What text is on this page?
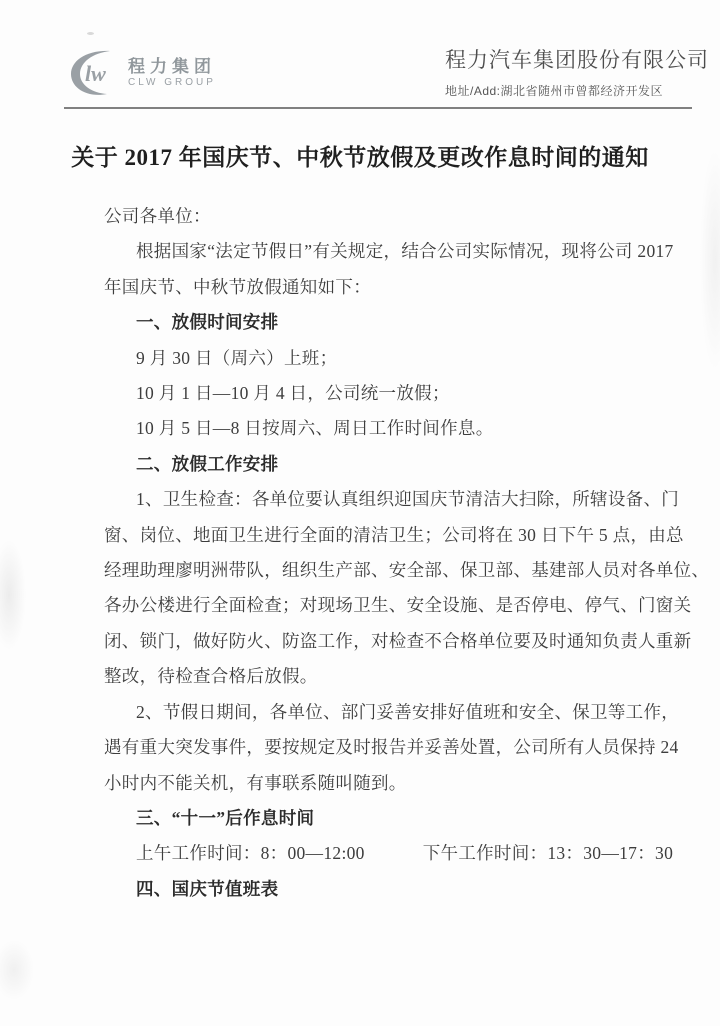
lw 程力集团
CLW GROUP
程力汽车集团股份有限公司
地址/Add:湖北省随州市曾都经济开发区
关于 2017 年国庆节、中秋节放假及更改作息时间的通知
公司各单位：
根据国家“法定节假日”有关规定，结合公司实际情况，现将公司 2017
年国庆节、中秋节放假通知如下：
一、放假时间安排
9 月 30 日（周六）上班；
10 月 1 日—10 月 4 日，公司统一放假；
10 月 5 日—8 日按周六、周日工作时间作息。
二、放假工作安排
1、卫生检查：各单位要认真组织迎国庆节清洁大扫除，所辖设备、门
窗、岗位、地面卫生进行全面的清洁卫生；公司将在 30 日下午 5 点，由总
经理助理廖明洲带队，组织生产部、安全部、保卫部、基建部人员对各单位、
各办公楼进行全面检查；对现场卫生、安全设施、是否停电、停气、门窗关
闭、锁门，做好防火、防盗工作，对检查不合格单位要及时通知负责人重新
整改，待检查合格后放假。
2、节假日期间，各单位、部门妥善安排好值班和安全、保卫等工作，
遇有重大突发事件，要按规定及时报告并妥善处置，公司所有人员保持 24
小时内不能关机，有事联系随叫随到。
三、“十一”后作息时间
上午工作时间：8：00—12:00	下午工作时间：13：30—17：30
四、国庆节值班表
